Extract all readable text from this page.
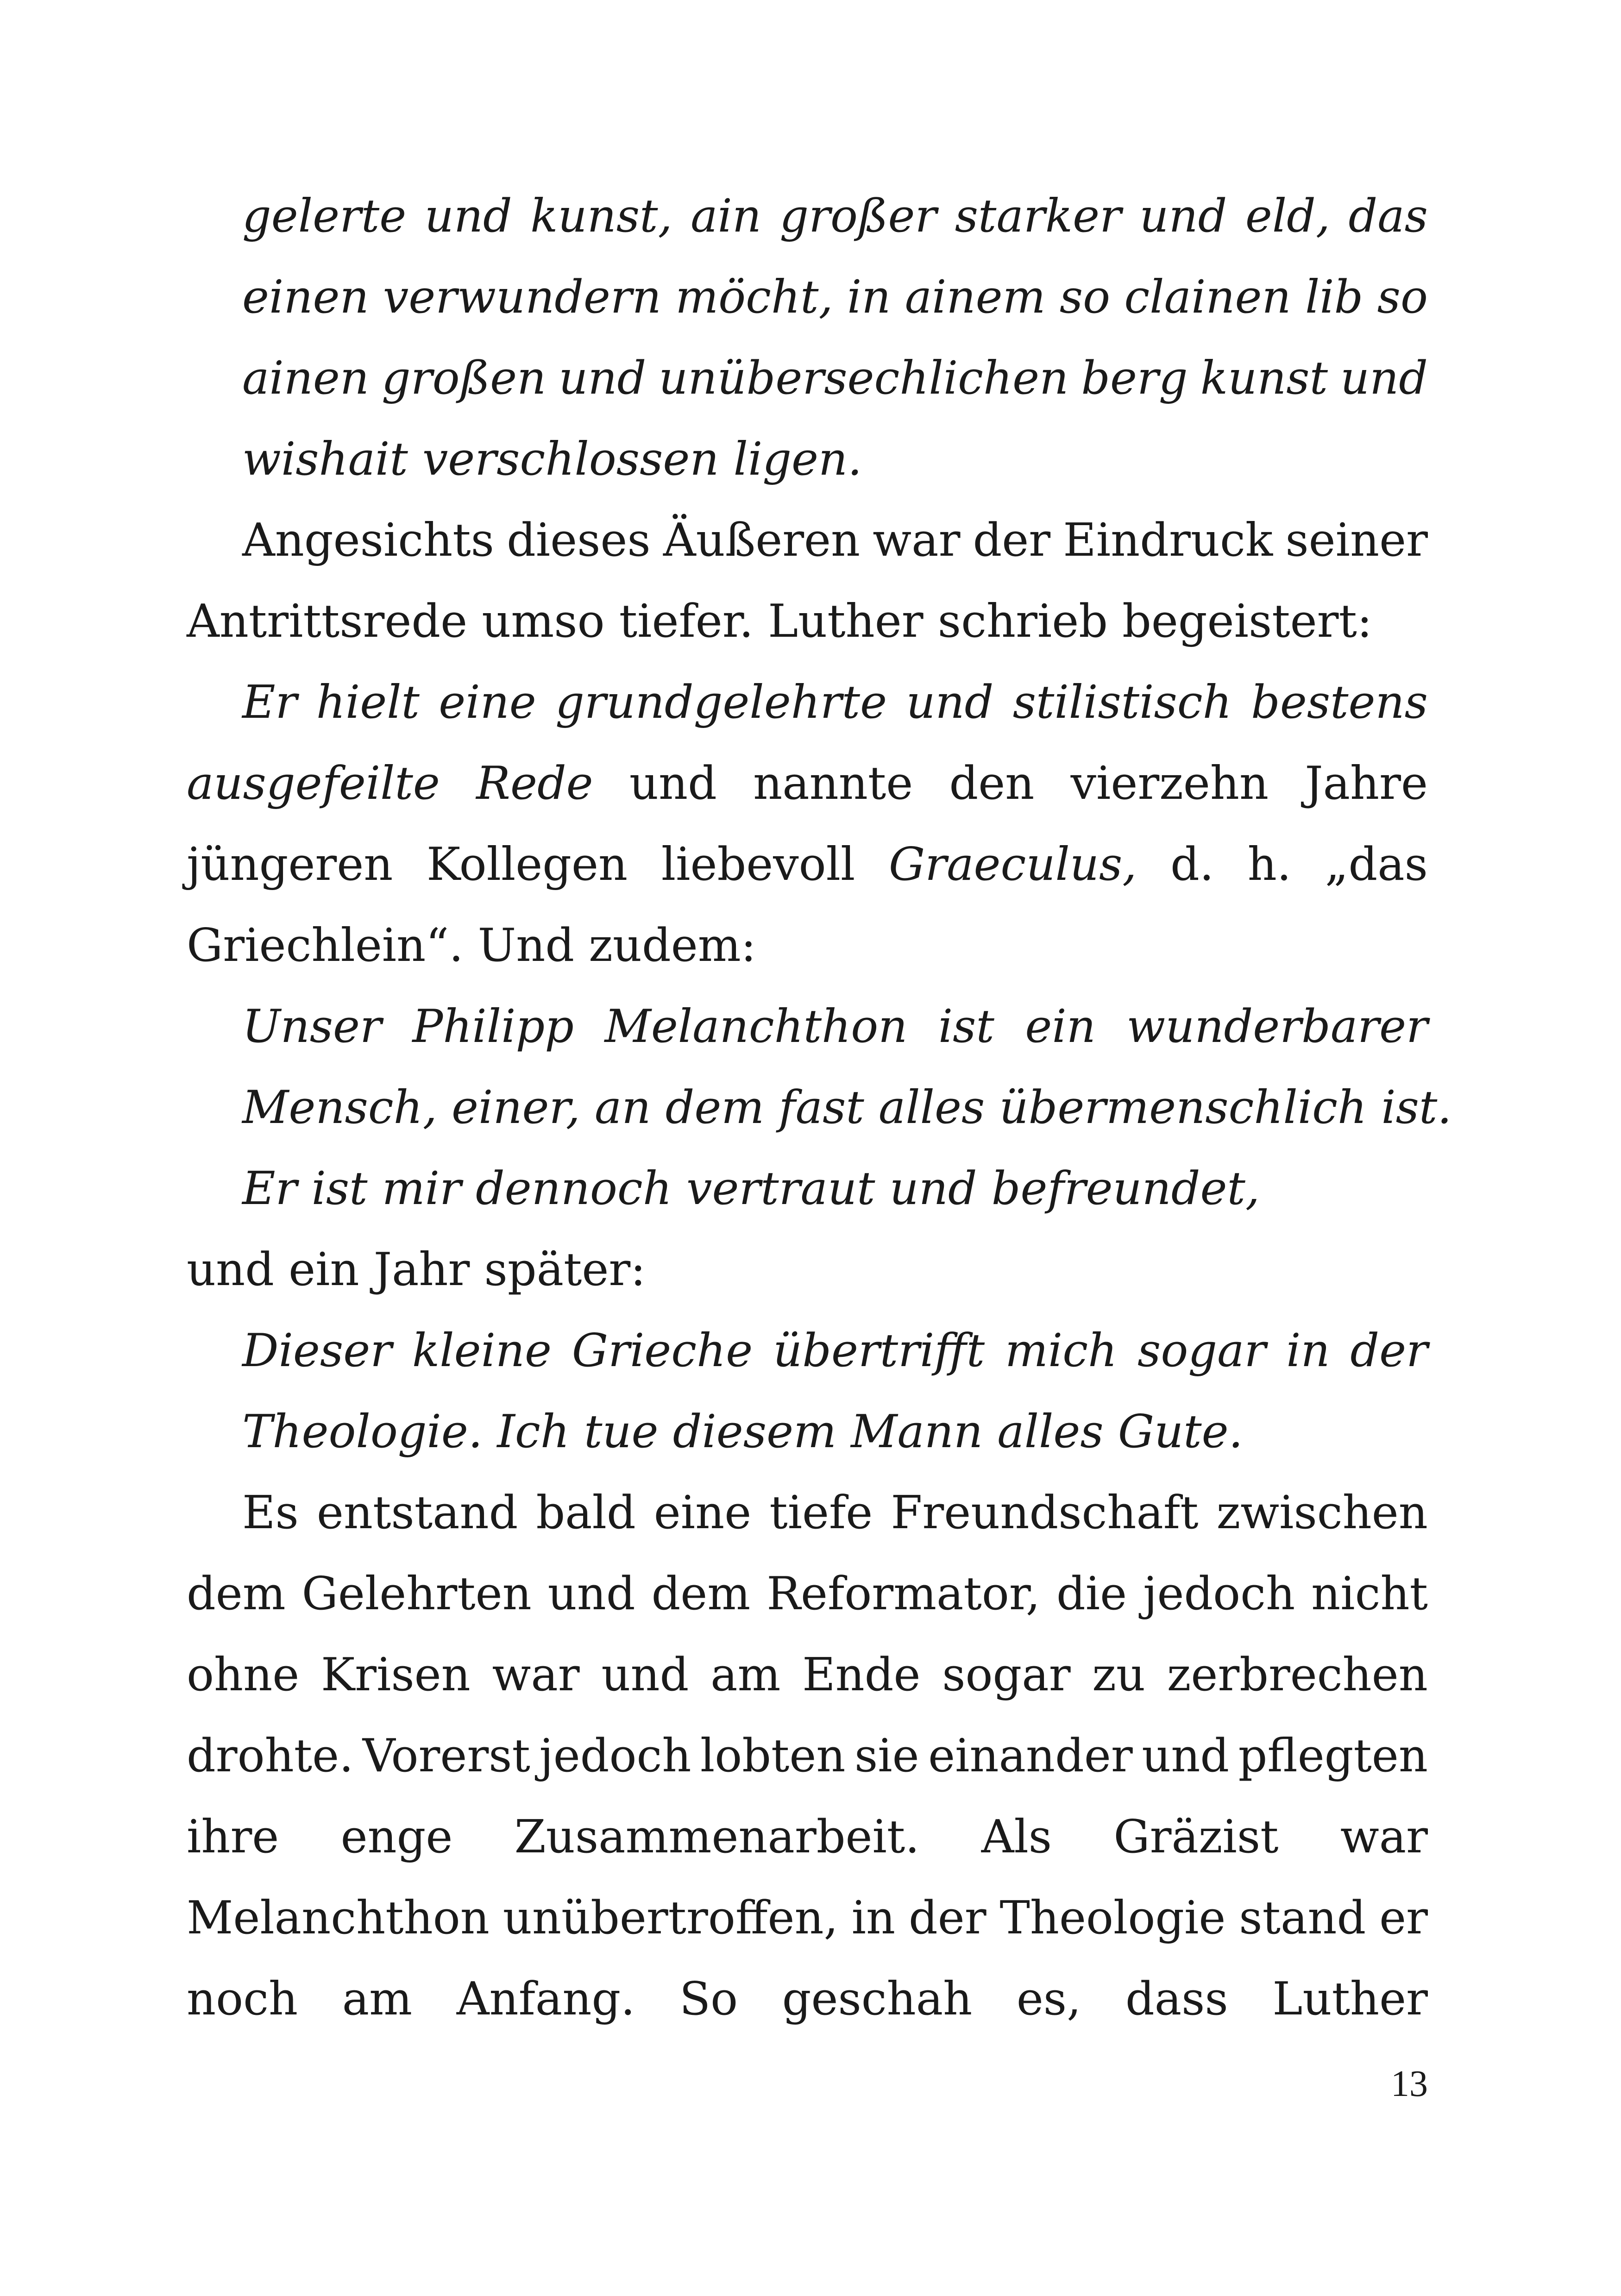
gelerte und kunst, ain großer starker und eld, das
einen verwundern möcht, in ainem so clainen lib so
ainen großen und unübersechlichen berg kunst und
wishait verschlossen ligen.
Angesichts dieses Äußeren war der Eindruck seiner
Antrittsrede umso tiefer. Luther schrieb begeistert:
Er hielt eine grundgelehrte und stilistisch bestens
ausgefeilte Rede und nannte den vierzehn Jahre
jüngeren Kollegen liebevoll Graeculus, d. h. „das
Griechlein“. Und zudem:
Unser Philipp Melanchthon ist ein wunderbarer
Mensch, einer, an dem fast alles übermenschlich ist.
Er ist mir dennoch vertraut und befreundet,
und ein Jahr später:
Dieser kleine Grieche übertrifft mich sogar in der
Theologie. Ich tue diesem Mann alles Gute.
Es entstand bald eine tiefe Freundschaft zwischen
dem Gelehrten und dem Reformator, die jedoch nicht
ohne Krisen war und am Ende sogar zu zerbrechen
drohte. Vorerst jedoch lobten sie einander und pflegten
ihre enge Zusammenarbeit. Als Gräzist war
Melanchthon unübertroffen, in der Theologie stand er
noch am Anfang. So geschah es, dass Luther
13
